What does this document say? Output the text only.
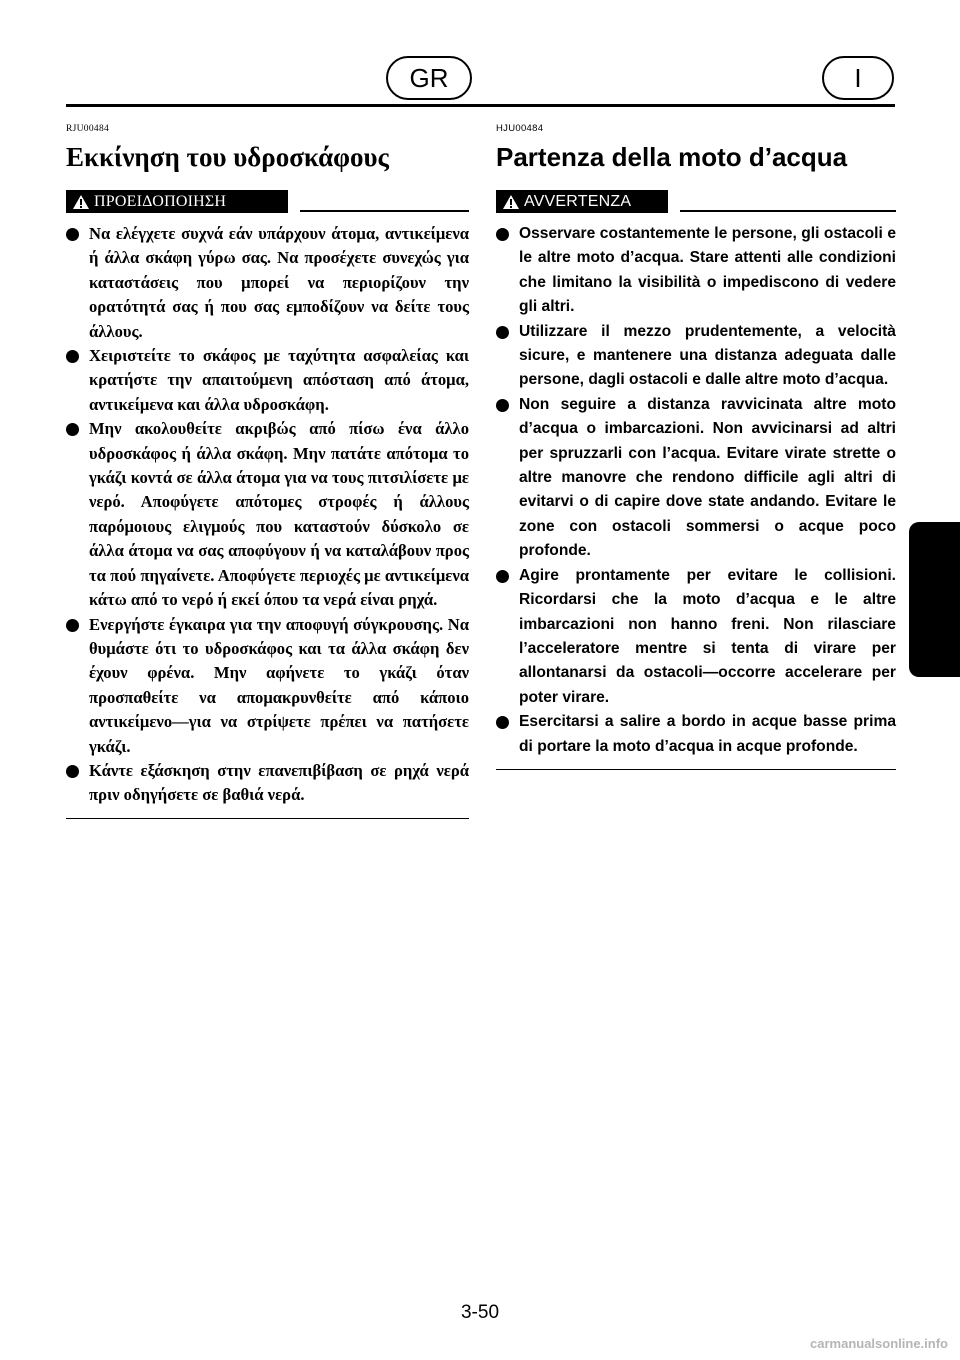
GR	I

RJU00484

Εκκίνηση του υδροσκάφους
ΠΡΟΕΙΔΟΠΟΙΗΣΗ
Να ελέγχετε συχνά εάν υπάρχουν άτομα, αντικείμενα ή άλλα σκάφη γύρω σας. Να προσέχετε συνεχώς για καταστάσεις που μπορεί να περιορίζουν την ορατότητά σας ή που σας εμποδίζουν να δείτε τους άλλους.
Χειριστείτε το σκάφος με ταχύτητα ασφαλείας και κρατήστε την απαιτούμενη απόσταση από άτομα, αντικείμενα και άλλα υδροσκάφη.
Μην ακολουθείτε ακριβώς από πίσω ένα άλλο υδροσκάφος ή άλλα σκάφη. Μην πατάτε απότομα το γκάζι κοντά σε άλλα άτομα για να τους πιτσιλίσετε με νερό. Αποφύγετε απότομες στροφές ή άλλους παρόμοιους ελιγμούς που καταστούν δύσκολο σε άλλα άτομα να σας αποφύγουν ή να καταλάβουν προς τα πού πηγαίνετε. Αποφύγετε περιοχές με αντικείμενα κάτω από το νερό ή εκεί όπου τα νερά είναι ρηχά.
Ενεργήστε έγκαιρα για την αποφυγή σύγκρουσης. Να θυμάστε ότι το υδροσκάφος και τα άλλα σκάφη δεν έχουν φρένα. Μην αφήνετε το γκάζι όταν προσπαθείτε να απομακρυνθείτε από κάποιο αντικείμενο—για να στρίψετε πρέπει να πατήσετε γκάζι.
Κάντε εξάσκηση στην επανεπιβίβαση σε ρηχά νερά πριν οδηγήσετε σε βαθιά νερά.

HJU00484

Partenza della moto d’acqua
AVVERTENZA
Osservare costantemente le persone, gli ostacoli e le altre moto d’acqua. Stare attenti alle condizioni che limitano la visibilità o impediscono di vedere gli altri.
Utilizzare il mezzo prudentemente, a velocità sicure, e mantenere una distanza adeguata dalle persone, dagli ostacoli e dalle altre moto d’acqua.
Non seguire a distanza ravvicinata altre moto d’acqua o imbarcazioni. Non avvicinarsi ad altri per spruzzarli con l’acqua. Evitare virate strette o altre manovre che rendono difficile agli altri di evitarvi o di capire dove state andando. Evitare le zone con ostacoli sommersi o acque poco profonde.
Agire prontamente per evitare le collisioni. Ricordarsi che la moto d’acqua e le altre imbarcazioni non hanno freni. Non rilasciare l’acceleratore mentre si tenta di virare per allontanarsi da ostacoli—occorre accelerare per poter virare.
Esercitarsi a salire a bordo in acque basse prima di portare la moto d’acqua in acque profonde.
3-50
carmanualsonline.info
